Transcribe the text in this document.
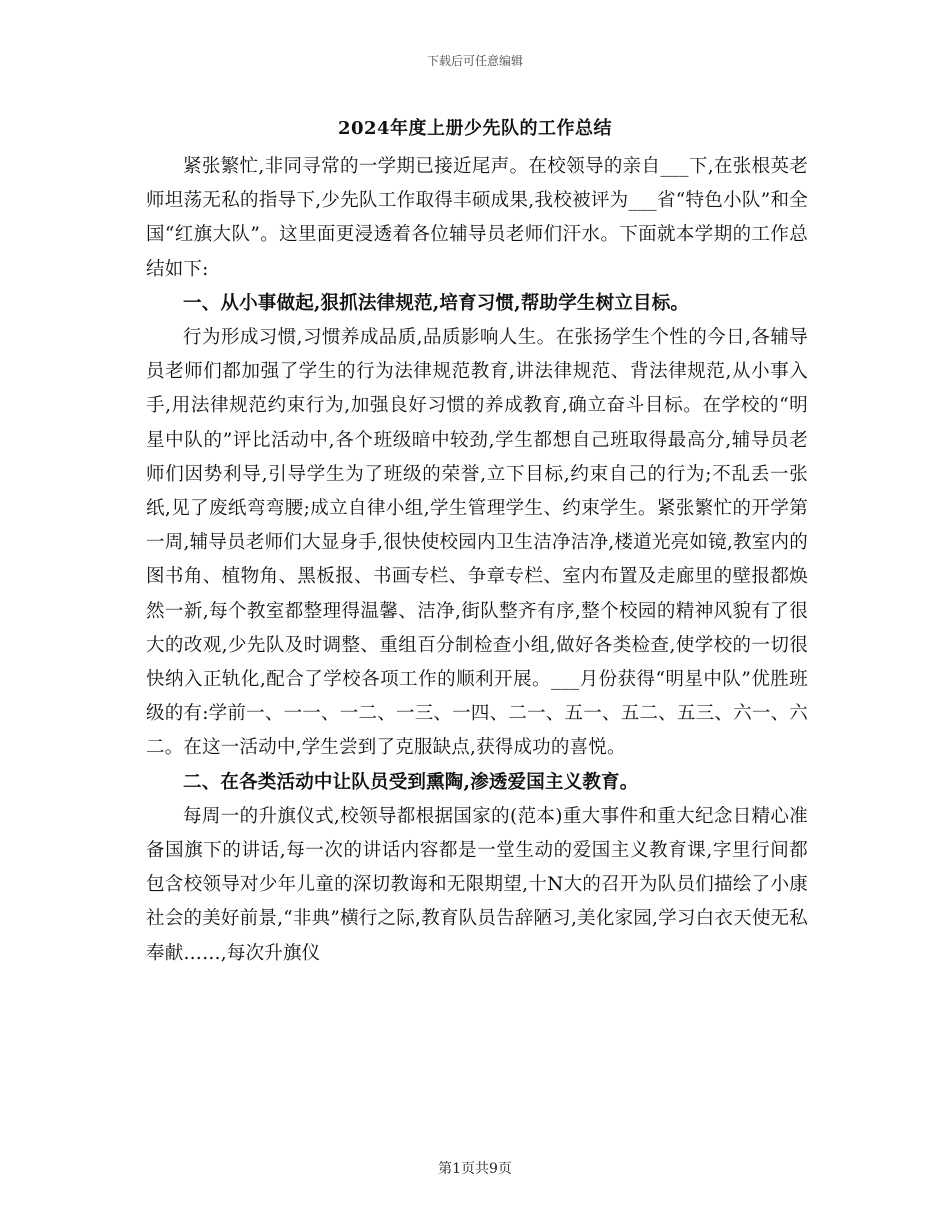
下载后可任意编辑
2024年度上册少先队的工作总结

紧张繁忙,非同寻常的一学期已接近尾声。在校领导的亲自___下,在张根英老师坦荡无私的指导下,少先队工作取得丰硕成果,我校被评为___省“特色小队”和全国“红旗大队”。这里面更浸透着各位辅导员老师们汗水。下面就本学期的工作总结如下:

一、从小事做起,狠抓法律规范,培育习惯,帮助学生树立目标。

行为形成习惯,习惯养成品质,品质影响人生。在张扬学生个性的今日,各辅导员老师们都加强了学生的行为法律规范教育,讲法律规范、背法律规范,从小事入手,用法律规范约束行为,加强良好习惯的养成教育,确立奋斗目标。在学校的“明星中队的”评比活动中,各个班级暗中较劲,学生都想自己班取得最高分,辅导员老师们因势利导,引导学生为了班级的荣誉,立下目标,约束自己的行为;不乱丢一张纸,见了废纸弯弯腰;成立自律小组,学生管理学生、约束学生。紧张繁忙的开学第一周,辅导员老师们大显身手,很快使校园内卫生洁净洁净,楼道光亮如镜,教室内的图书角、植物角、黑板报、书画专栏、争章专栏、室内布置及走廊里的壁报都焕然一新,每个教室都整理得温馨、洁净,街队整齐有序,整个校园的精神风貌有了很大的改观,少先队及时调整、重组百分制检查小组,做好各类检查,使学校的一切很快纳入正轨化,配合了学校各项工作的顺利开展。___月份获得“明星中队”优胜班级的有:学前一、一一、一二、一三、一四、二一、五一、五二、五三、六一、六二。在这一活动中,学生尝到了克服缺点,获得成功的喜悦。

二、在各类活动中让队员受到熏陶,渗透爱国主义教育。

每周一的升旗仪式,校领导都根据国家的(范本)重大事件和重大纪念日精心准备国旗下的讲话,每一次的讲话内容都是一堂生动的爱国主义教育课,字里行间都包含校领导对少年儿童的深切教诲和无限期望,十N大的召开为队员们描绘了小康社会的美好前景,“非典”横行之际,教育队员告辞陋习,美化家园,学习白衣天使无私奉献……,每次升旗仪

第1页共9页
